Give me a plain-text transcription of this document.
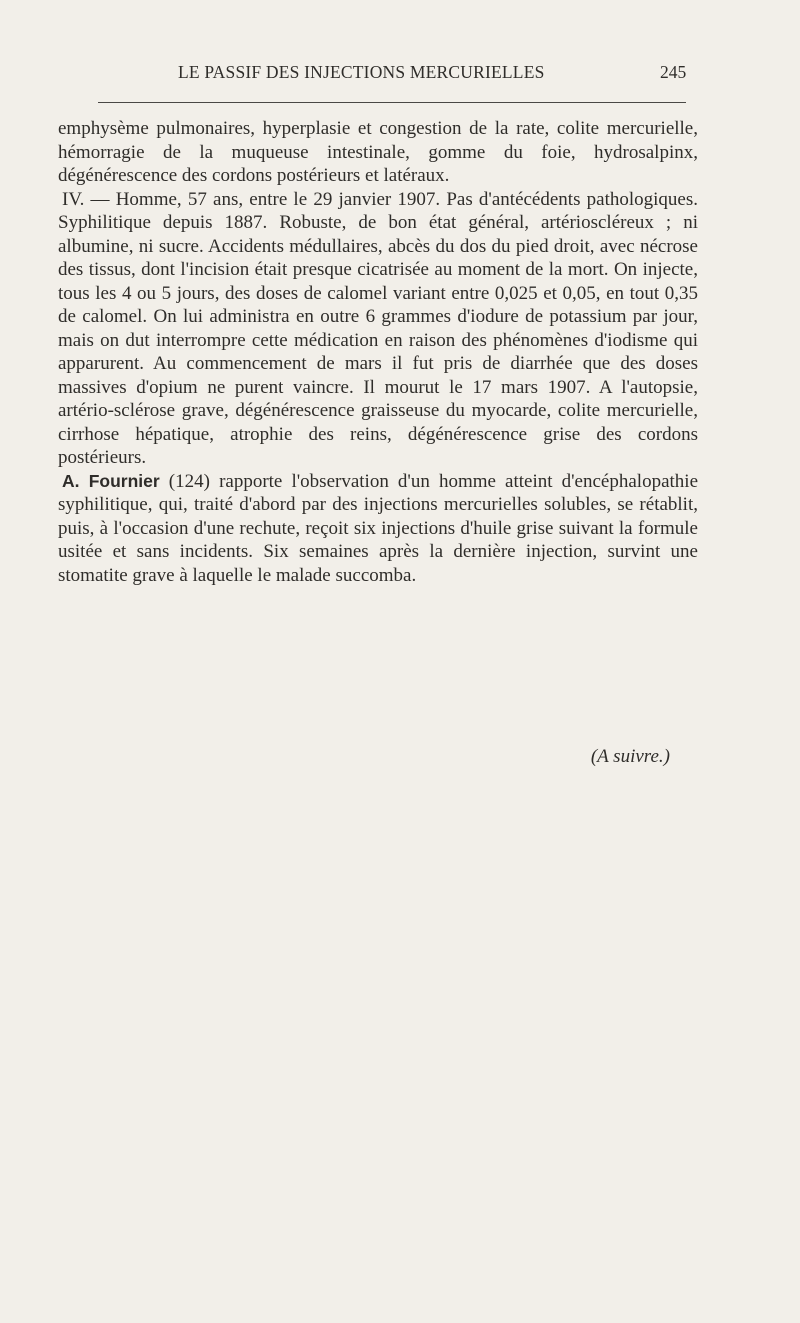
LE PASSIF DES INJECTIONS MERCURIELLES	245

emphysème pulmonaires, hyperplasie et congestion de la rate, colite mercurielle, hémorragie de la muqueuse intestinale, gomme du foie, hydrosalpinx, dégénérescence des cordons postérieurs et latéraux.

IV. — Homme, 57 ans, entre le 29 janvier 1907. Pas d'antécédents pathologiques. Syphilitique depuis 1887. Robuste, de bon état général, artérioscléreux ; ni albumine, ni sucre. Accidents médullaires, abcès du dos du pied droit, avec nécrose des tissus, dont l'incision était presque cicatrisée au moment de la mort. On injecte, tous les 4 ou 5 jours, des doses de calomel variant entre 0,025 et 0,05, en tout 0,35 de calomel. On lui administra en outre 6 grammes d'iodure de potassium par jour, mais on dut interrompre cette médication en raison des phénomènes d'iodisme qui apparurent. Au commencement de mars il fut pris de diarrhée que des doses massives d'opium ne purent vaincre. Il mourut le 17 mars 1907. A l'autopsie, artério-sclérose grave, dégénérescence graisseuse du myocarde, colite mercurielle, cirrhose hépatique, atrophie des reins, dégénérescence grise des cordons postérieurs.

A. Fournier (124) rapporte l'observation d'un homme atteint d'encéphalopathie syphilitique, qui, traité d'abord par des injections mercurielles solubles, se rétablit, puis, à l'occasion d'une rechute, reçoit six injections d'huile grise suivant la formule usitée et sans incidents. Six semaines après la dernière injection, survint une stomatite grave à laquelle le malade succomba.

(A suivre.)
